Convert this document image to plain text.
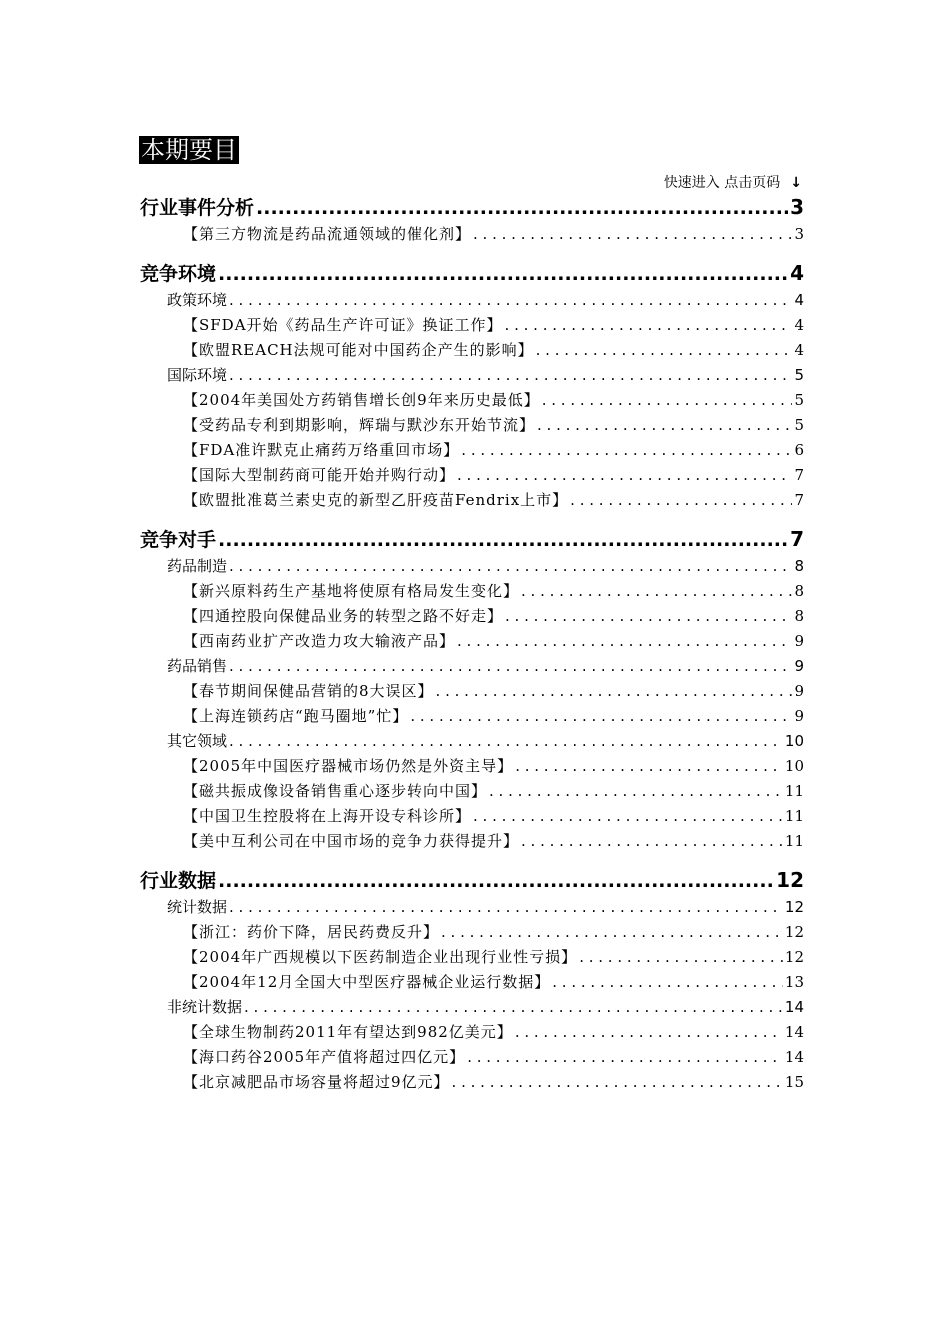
本期要目
快速进入 点击页码 ↓
行业事件分析 .....	3
【第三方物流是药品流通领域的催化剂】 . . .	3
竞争环境 .....	4
政策环境 . . .	4
【SFDA开始《药品生产许可证》换证工作】 . . .	4
【欧盟REACH法规可能对中国药企产生的影响】 . . .	4
国际环境 . . .	5
【2004年美国处方药销售增长创9年来历史最低】 . . .	5
【受药品专利到期影响，辉瑞与默沙东开始节流】 . . .	5
【FDA准许默克止痛药万络重回市场】 . . .	6
【国际大型制药商可能开始并购行动】 . . .	7
【欧盟批准葛兰素史克的新型乙肝疫苗Fendrix上市】 . . .	7
竞争对手 .....	7
药品制造 . . .	8
【新兴原料药生产基地将使原有格局发生变化】 . . .	8
【四通控股向保健品业务的转型之路不好走】 . . .	8
【西南药业扩产改造力攻大输液产品】 . . .	9
药品销售 . . .	9
【春节期间保健品营销的8大误区】 . . .	9
【上海连锁药店“跑马圈地”忙】 . . .	9
其它领域 . . .	10
【2005年中国医疗器械市场仍然是外资主导】 . . .	10
【磁共振成像设备销售重心逐步转向中国】 . . .	11
【中国卫生控股将在上海开设专科诊所】 . . .	11
【美中互利公司在中国市场的竞争力获得提升】 . . .	11
行业数据 .....	12
统计数据 . . .	12
【浙江：药价下降，居民药费反升】 . . .	12
【2004年广西规模以下医药制造企业出现行业性亏损】 . . .	12
【2004年12月全国大中型医疗器械企业运行数据】 . . .	13
非统计数据 . . .	14
【全球生物制药2011年有望达到982亿美元】 . . .	14
【海口药谷2005年产值将超过四亿元】 . . .	14
【北京减肥品市场容量将超过9亿元】 . . .	15
